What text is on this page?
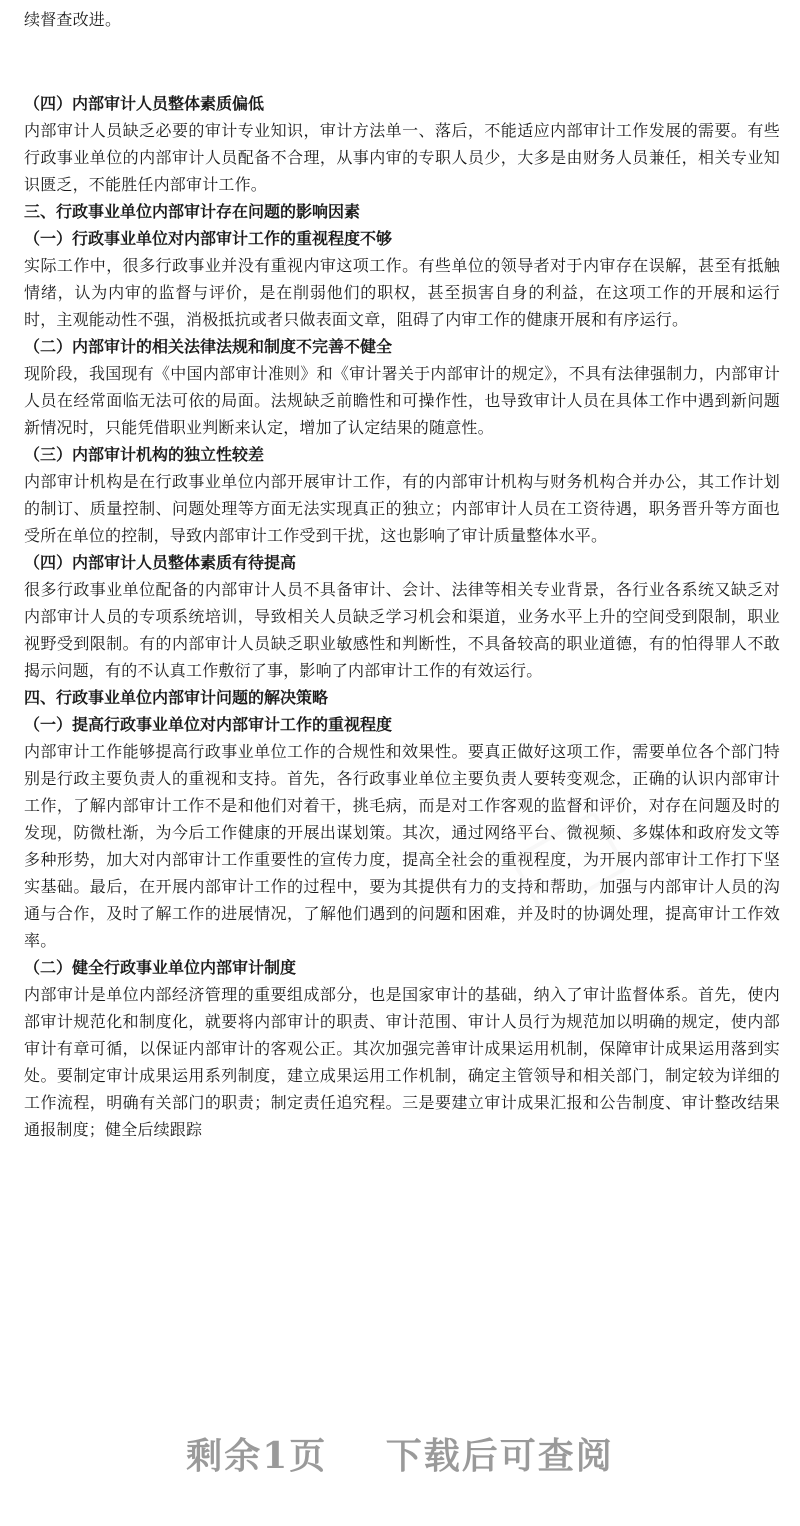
续督查改进。
（四）内部审计人员整体素质偏低
内部审计人员缺乏必要的审计专业知识，审计方法单一、落后，不能适应内部审计工作发展的需要。有些行政事业单位的内部审计人员配备不合理，从事内审的专职人员少，大多是由财务人员兼任，相关专业知识匮乏，不能胜任内部审计工作。
三、行政事业单位内部审计存在问题的影响因素
（一）行政事业单位对内部审计工作的重视程度不够
实际工作中，很多行政事业并没有重视内审这项工作。有些单位的领导者对于内审存在误解，甚至有抵触情绪，认为内审的监督与评价，是在削弱他们的职权，甚至损害自身的利益，在这项工作的开展和运行时，主观能动性不强，消极抵抗或者只做表面文章，阻碍了内审工作的健康开展和有序运行。
（二）内部审计的相关法律法规和制度不完善不健全
现阶段，我国现有《中国内部审计准则》和《审计署关于内部审计的规定》，不具有法律强制力，内部审计人员在经常面临无法可依的局面。法规缺乏前瞻性和可操作性，也导致审计人员在具体工作中遇到新问题新情况时，只能凭借职业判断来认定，增加了认定结果的随意性。
（三）内部审计机构的独立性较差
内部审计机构是在行政事业单位内部开展审计工作，有的内部审计机构与财务机构合并办公，其工作计划的制订、质量控制、问题处理等方面无法实现真正的独立；内部审计人员在工资待遇，职务晋升等方面也受所在单位的控制，导致内部审计工作受到干扰，这也影响了审计质量整体水平。
（四）内部审计人员整体素质有待提高
很多行政事业单位配备的内部审计人员不具备审计、会计、法律等相关专业背景，各行业各系统又缺乏对内部审计人员的专项系统培训，导致相关人员缺乏学习机会和渠道，业务水平上升的空间受到限制，职业视野受到限制。有的内部审计人员缺乏职业敏感性和判断性，不具备较高的职业道德，有的怕得罪人不敢揭示问题，有的不认真工作敷衍了事，影响了内部审计工作的有效运行。
四、行政事业单位内部审计问题的解决策略
（一）提高行政事业单位对内部审计工作的重视程度
内部审计工作能够提高行政事业单位工作的合规性和效果性。要真正做好这项工作，需要单位各个部门特别是行政主要负责人的重视和支持。首先，各行政事业单位主要负责人要转变观念，正确的认识内部审计工作，了解内部审计工作不是和他们对着干，挑毛病，而是对工作客观的监督和评价，对存在问题及时的发现，防微杜渐，为今后工作健康的开展出谋划策。其次，通过网络平台、微视频、多媒体和政府发文等多种形势，加大对内部审计工作重要性的宣传力度，提高全社会的重视程度，为开展内部审计工作打下坚实基础。最后，在开展内部审计工作的过程中，要为其提供有力的支持和帮助，加强与内部审计人员的沟通与合作，及时了解工作的进展情况，了解他们遇到的问题和困难，并及时的协调处理，提高审计工作效率。
（二）健全行政事业单位内部审计制度
内部审计是单位内部经济管理的重要组成部分，也是国家审计的基础，纳入了审计监督体系。首先，使内部审计规范化和制度化，就要将内部审计的职责、审计范围、审计人员行为规范加以明确的规定，使内部审计有章可循，以保证内部审计的客观公正。其次加强完善审计成果运用机制，保障审计成果运用落到实处。要制定审计成果运用系列制度，建立成果运用工作机制，确定主管领导和相关部门，制定较为详细的工作流程，明确有关部门的职责；制定责任追究程。三是要建立审计成果汇报和公告制度、审计整改结果通报制度；健全后续跟踪
剩余1页 下载后可查阅
